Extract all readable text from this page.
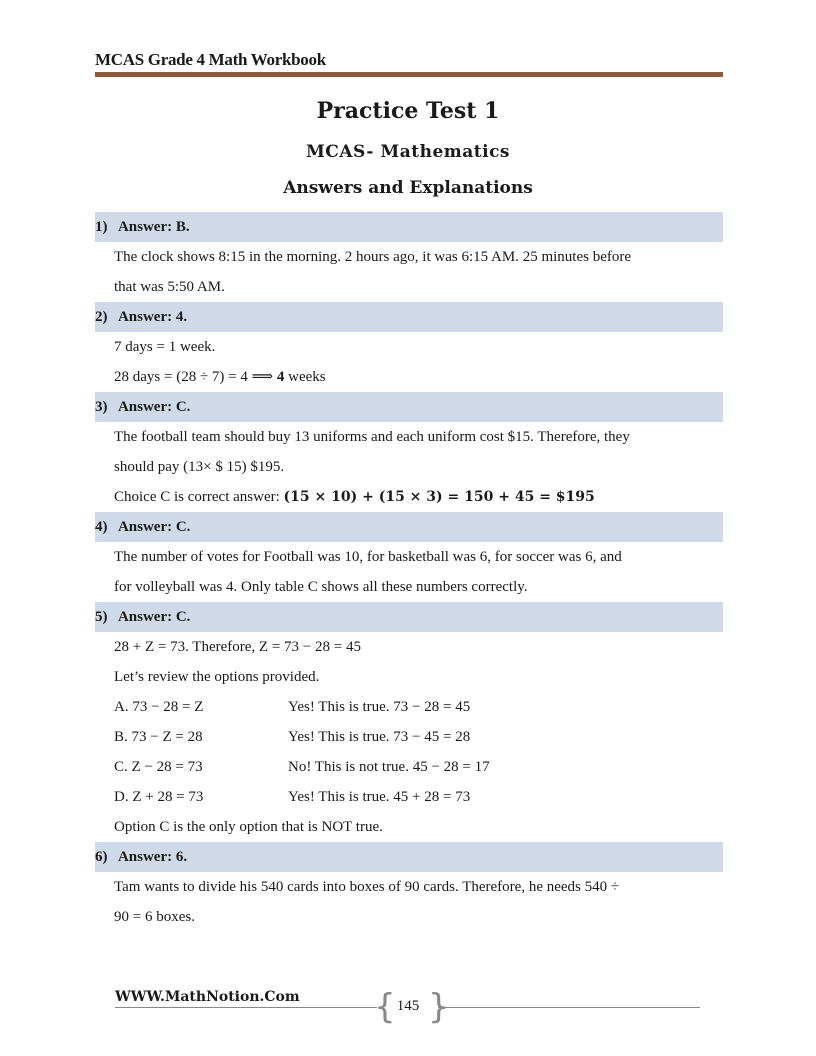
MCAS Grade 4 Math Workbook
Practice Test 1
MCAS- Mathematics
Answers and Explanations
1) Answer: B.
The clock shows 8:15 in the morning. 2 hours ago, it was 6:15 AM. 25 minutes before
that was 5:50 AM.
2) Answer: 4.
7 days = 1 week.
28 days = (28 ÷ 7) = 4 ⟹ 4 weeks
3) Answer: C.
The football team should buy 13 uniforms and each uniform cost $15. Therefore, they
should pay (13× $ 15) $195.
Choice C is correct answer: (15 × 10) + (15 × 3) = 150 + 45 = $195
4) Answer: C.
The number of votes for Football was 10, for basketball was 6, for soccer was 6, and
for volleyball was 4. Only table C shows all these numbers correctly.
5) Answer: C.
28 + Z = 73. Therefore, Z = 73 − 28 = 45
Let’s review the options provided.
A. 73 − 28 = Z	Yes! This is true. 73 − 28 = 45
B. 73 − Z = 28	Yes! This is true. 73 − 45 = 28
C. Z − 28 = 73	No! This is not true. 45 − 28 = 17
D. Z + 28 = 73	Yes! This is true. 45 + 28 = 73
Option C is the only option that is NOT true.
6) Answer: 6.
Tam wants to divide his 540 cards into boxes of 90 cards. Therefore, he needs 540 ÷
90 = 6 boxes.
WWW.MathNotion.Com { }
145
